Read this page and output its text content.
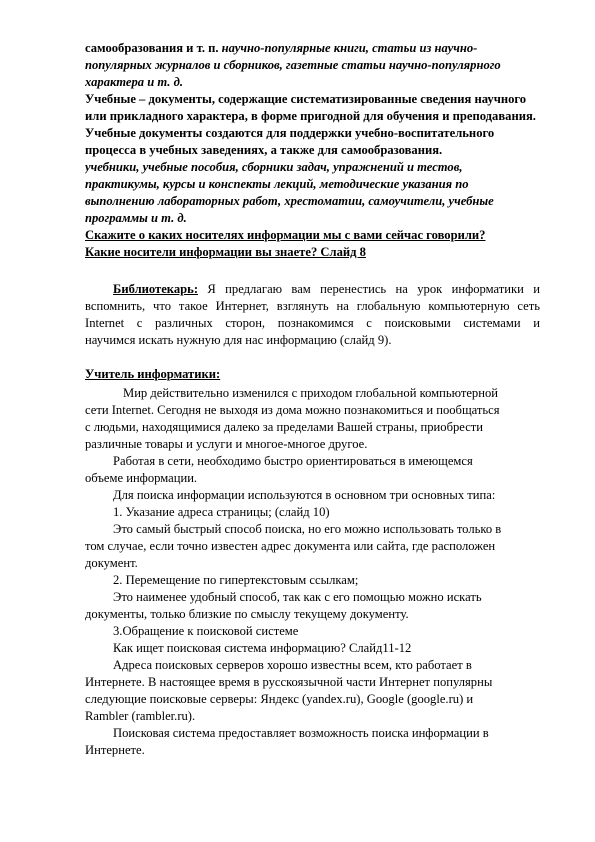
самообразования и т. п. научно-популярные книги, статьи из научно-
популярных журналов и сборников, газетные статьи научно-популярного
характера и т. д.
Учебные – документы, содержащие систематизированные сведения научного
или прикладного характера, в форме пригодной для обучения и преподавания.
Учебные документы создаются для поддержки учебно-воспитательного
процесса в учебных заведениях, а также для самообразования.
учебники, учебные пособия, сборники задач, упражнений и тестов,
практикумы, курсы и конспекты лекций, методические указания по
выполнению лабораторных работ, хрестоматии, самоучители, учебные
программы и т. д.
Скажите о каких носителях информации мы с вами сейчас говорили?
Какие носители информации вы знаете? Слайд 8
Библиотекарь: Я предлагаю вам перенестись на урок информатики и
вспомнить, что такое Интернет, взглянуть на глобальную компьютерную сеть
Internet с различных сторон, познакомимся с поисковыми системами и
научимся искать нужную для нас информацию (слайд 9).
Учитель информатики:
Мир действительно изменился с приходом глобальной компьютерной
сети Internet. Сегодня не выходя из дома можно познакомиться и пообщаться
с людьми, находящимися далеко за пределами Вашей страны, приобрести
различные товары и услуги и многое-многое другое.
Работая в сети, необходимо быстро ориентироваться в имеющемся
объеме информации.
Для поиска информации используются в основном три основных типа:
1. Указание адреса страницы; (слайд 10)
Это самый быстрый способ поиска, но его можно использовать только в
том случае, если точно известен адрес документа или сайта, где расположен
документ.
2. Перемещение по гипертекстовым ссылкам;
Это наименее удобный способ, так как с его помощью можно искать
документы, только близкие по смыслу текущему документу.
3.Обращение к поисковой системе
Как ищет поисковая система информацию? Слайд11-12
Адреса поисковых серверов хорошо известны всем, кто работает в
Интернете. В настоящее время в русскоязычной части Интернет популярны
следующие поисковые серверы: Яндекс (yandex.ru), Google (google.ru) и
Rambler (rambler.ru).
Поисковая система предоставляет возможность поиска информации в
Интернете.
